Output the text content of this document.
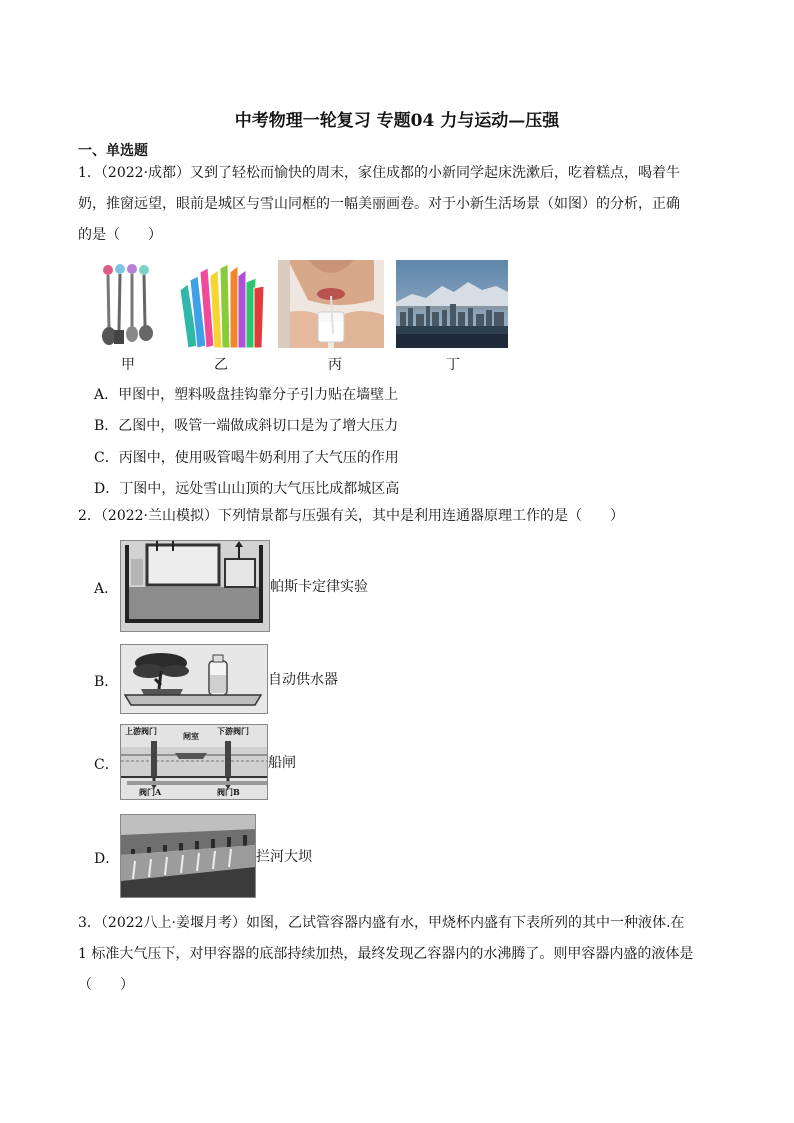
中考物理一轮复习 专题04 力与运动—压强
一、单选题
1．（2022·成都）又到了轻松而愉快的周末，家住成都的小新同学起床洗漱后，吃着糕点，喝着牛
奶，推窗远望，眼前是城区与雪山同框的一幅美丽画卷。对于小新生活场景（如图）的分析，正确
的是（　　）
甲	乙	丙	丁
A．甲图中，塑料吸盘挂钩靠分子引力贴在墙壁上
B．乙图中，吸管一端做成斜切口是为了增大压力
C．丙图中，使用吸管喝牛奶利用了大气压的作用
D．丁图中，远处雪山山顶的大气压比成都城区高
2．（2022·兰山模拟）下列情景都与压强有关，其中是利用连通器原理工作的是（　　）
A．	帕斯卡定律实验
B．	自动供水器
C．
上游阀门	闸室 下游阀门
阀门A	阀门B
船闸
D．	拦河大坝
3．（2022八上·姜堰月考）如图，乙试管容器内盛有水，甲烧杯内盛有下表所列的其中一种液体.在
1 标准大气压下，对甲容器的底部持续加热，最终发现乙容器内的水沸腾了。则甲容器内盛的液体是
（　　）
